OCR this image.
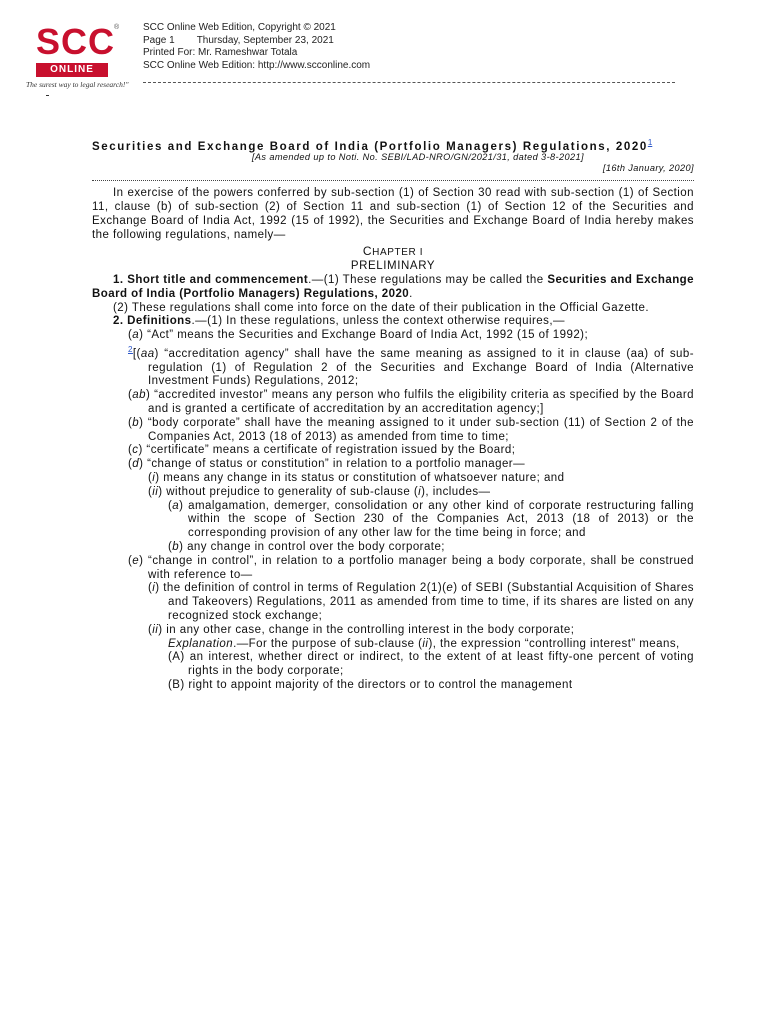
SCC
®
ONLINE
The surest way to legal research!"
SCC Online Web Edition, Copyright © 2021
Page 1 Thursday, September 23, 2021
Printed For: Mr. Rameshwar Totala
SCC Online Web Edition: http://www.scconline.com
Securities and Exchange Board of India (Portfolio Managers) Regulations, 2020$^1$
[As amended up to Noti. No. SEBI/LAD-NRO/GN/2021/31, dated 3-8-2021]
[16th January, 2020]

In exercise of the powers conferred by sub-section (1) of Section 30 read with sub-section (1) of Section 11, clause (b) of sub-section (2) of Section 11 and sub-section (1) of Section 12 of the Securities and Exchange Board of India Act, 1992 (15 of 1992), the Securities and Exchange Board of India hereby makes the following regulations, namely—

CHAPTER I

PRELIMINARY

1. Short title and commencement.—(1) These regulations may be called the Securities and Exchange Board of India (Portfolio Managers) Regulations, 2020.

(2) These regulations shall come into force on the date of their publication in the Official Gazette.

2. Definitions.—(1) In these regulations, unless the context otherwise requires,—

(a) “Act” means the Securities and Exchange Board of India Act, 1992 (15 of 1992);

$^2$[(aa) “accreditation agency” shall have the same meaning as assigned to it in clause (aa) of sub-regulation (1) of Regulation 2 of the Securities and Exchange Board of India (Alternative Investment Funds) Regulations, 2012;

(ab) “accredited investor” means any person who fulfils the eligibility criteria as specified by the Board and is granted a certificate of accreditation by an accreditation agency;]

(b) “body corporate” shall have the meaning assigned to it under sub-section (11) of Section 2 of the Companies Act, 2013 (18 of 2013) as amended from time to time;

(c) “certificate” means a certificate of registration issued by the Board;

(d) “change of status or constitution” in relation to a portfolio manager—

(i) means any change in its status or constitution of whatsoever nature; and

(ii) without prejudice to generality of sub-clause (i), includes—

(a) amalgamation, demerger, consolidation or any other kind of corporate restructuring falling within the scope of Section 230 of the Companies Act, 2013 (18 of 2013) or the corresponding provision of any other law for the time being in force; and

(b) any change in control over the body corporate;

(e) “change in control”, in relation to a portfolio manager being a body corporate, shall be construed with reference to—

(i) the definition of control in terms of Regulation 2(1)(e) of SEBI (Substantial Acquisition of Shares and Takeovers) Regulations, 2011 as amended from time to time, if its shares are listed on any recognized stock exchange;

(ii) in any other case, change in the controlling interest in the body corporate;

Explanation.—For the purpose of sub-clause (ii), the expression “controlling interest” means,

(A) an interest, whether direct or indirect, to the extent of at least fifty-one percent of voting rights in the body corporate;

(B) right to appoint majority of the directors or to control the management
